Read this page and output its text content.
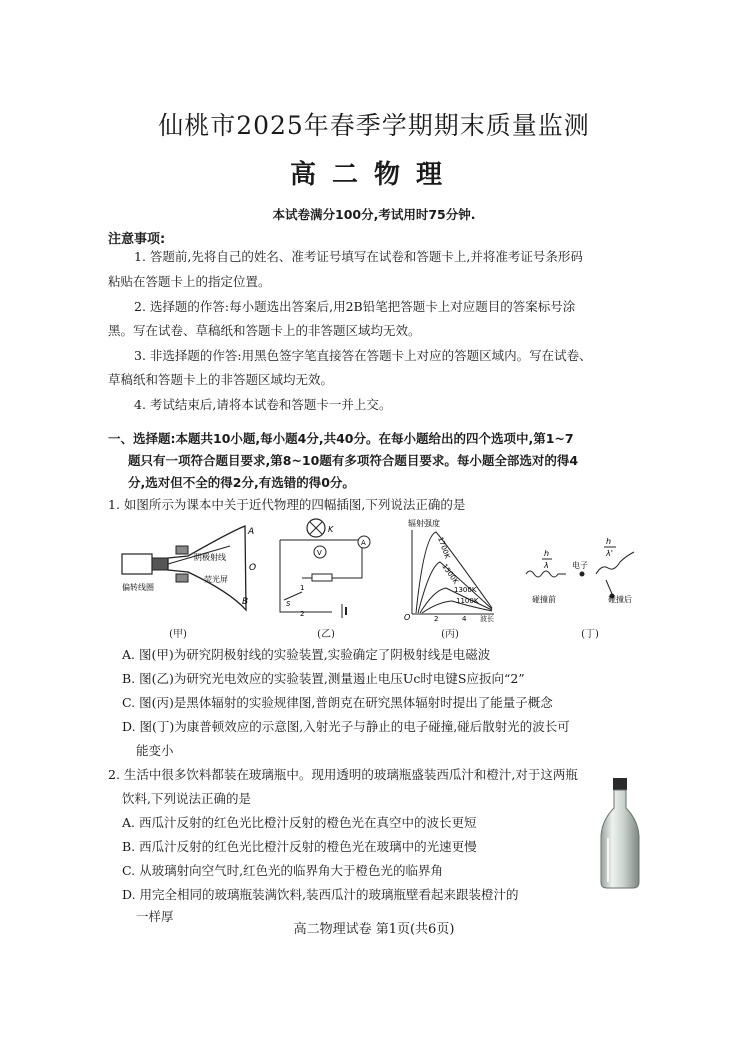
仙桃市2025年春季学期期末质量监测
高二物理
本试卷满分100分,考试用时75分钟.
注意事项:
1. 答题前,先将自己的姓名、准考证号填写在试卷和答题卡上,并将准考证号条形码
粘贴在答题卡上的指定位置。
2. 选择题的作答:每小题选出答案后,用2B铅笔把答题卡上对应题目的答案标号涂
黑。写在试卷、草稿纸和答题卡上的非答题区域均无效。
3. 非选择题的作答:用黑色签字笔直接答在答题卡上对应的答题区域内。写在试卷、
草稿纸和答题卡上的非答题区域均无效。
4. 考试结束后,请将本试卷和答题卡一并上交。
一、选择题:本题共10小题,每小题4分,共40分。在每小题给出的四个选项中,第1~7
题只有一项符合题目要求,第8~10题有多项符合题目要求。每小题全部选对的得4
分,选对但不全的得2分,有选错的得0分。
1. 如图所示为课本中关于近代物理的四幅插图,下列说法正确的是
阴极射线
A
O
B
荧光屏
偏转线圈
(甲)
K
A
V
1
2
S
(乙)
辐射强度
1700K
1500K
1300K
1100K
O	2	4 波长
(丙)
h
λ	电子
h
λ'
碰撞前	碰撞后
(丁)
A. 图(甲)为研究阴极射线的实验装置,实验确定了阴极射线是电磁波
B. 图(乙)为研究光电效应的实验装置,测量遏止电压Uc时电键S应扳向“2”
C. 图(丙)是黑体辐射的实验规律图,普朗克在研究黑体辐射时提出了能量子概念
D. 图(丁)为康普顿效应的示意图,入射光子与静止的电子碰撞,碰后散射光的波长可
能变小
2. 生活中很多饮料都装在玻璃瓶中。现用透明的玻璃瓶盛装西瓜汁和橙汁,对于这两瓶
饮料,下列说法正确的是
A. 西瓜汁反射的红色光比橙汁反射的橙色光在真空中的波长更短
B. 西瓜汁反射的红色光比橙汁反射的橙色光在玻璃中的光速更慢
C. 从玻璃射向空气时,红色光的临界角大于橙色光的临界角
D. 用完全相同的玻璃瓶装满饮料,装西瓜汁的玻璃瓶壁看起来跟装橙汁的
一样厚
高二物理试卷 第1页(共6页)
